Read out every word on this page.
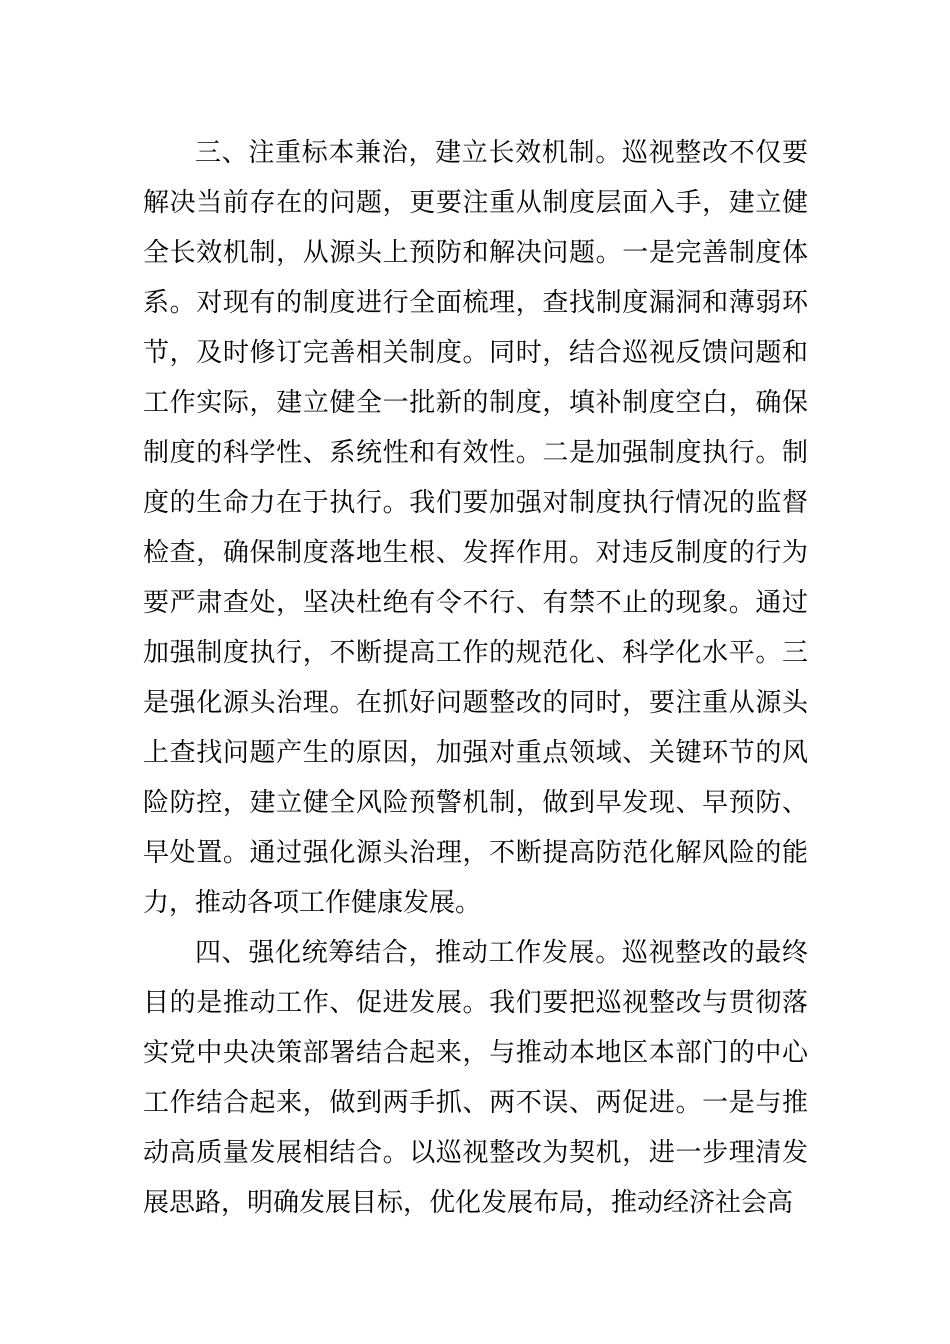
三、注重标本兼治，建立长效机制。巡视整改不仅要解决当前存在的问题，更要注重从制度层面入手，建立健全长效机制，从源头上预防和解决问题。一是完善制度体系。对现有的制度进行全面梳理，查找制度漏洞和薄弱环节，及时修订完善相关制度。同时，结合巡视反馈问题和工作实际，建立健全一批新的制度，填补制度空白，确保制度的科学性、系统性和有效性。二是加强制度执行。制度的生命力在于执行。我们要加强对制度执行情况的监督检查，确保制度落地生根、发挥作用。对违反制度的行为要严肃查处，坚决杜绝有令不行、有禁不止的现象。通过加强制度执行，不断提高工作的规范化、科学化水平。三是强化源头治理。在抓好问题整改的同时，要注重从源头上查找问题产生的原因，加强对重点领域、关键环节的风险防控，建立健全风险预警机制，做到早发现、早预防、早处置。通过强化源头治理，不断提高防范化解风险的能力，推动各项工作健康发展。

四、强化统筹结合，推动工作发展。巡视整改的最终目的是推动工作、促进发展。我们要把巡视整改与贯彻落实党中央决策部署结合起来，与推动本地区本部门的中心工作结合起来，做到两手抓、两不误、两促进。一是与推动高质量发展相结合。以巡视整改为契机，进一步理清发展思路，明确发展目标，优化发展布局，推动经济社会高
